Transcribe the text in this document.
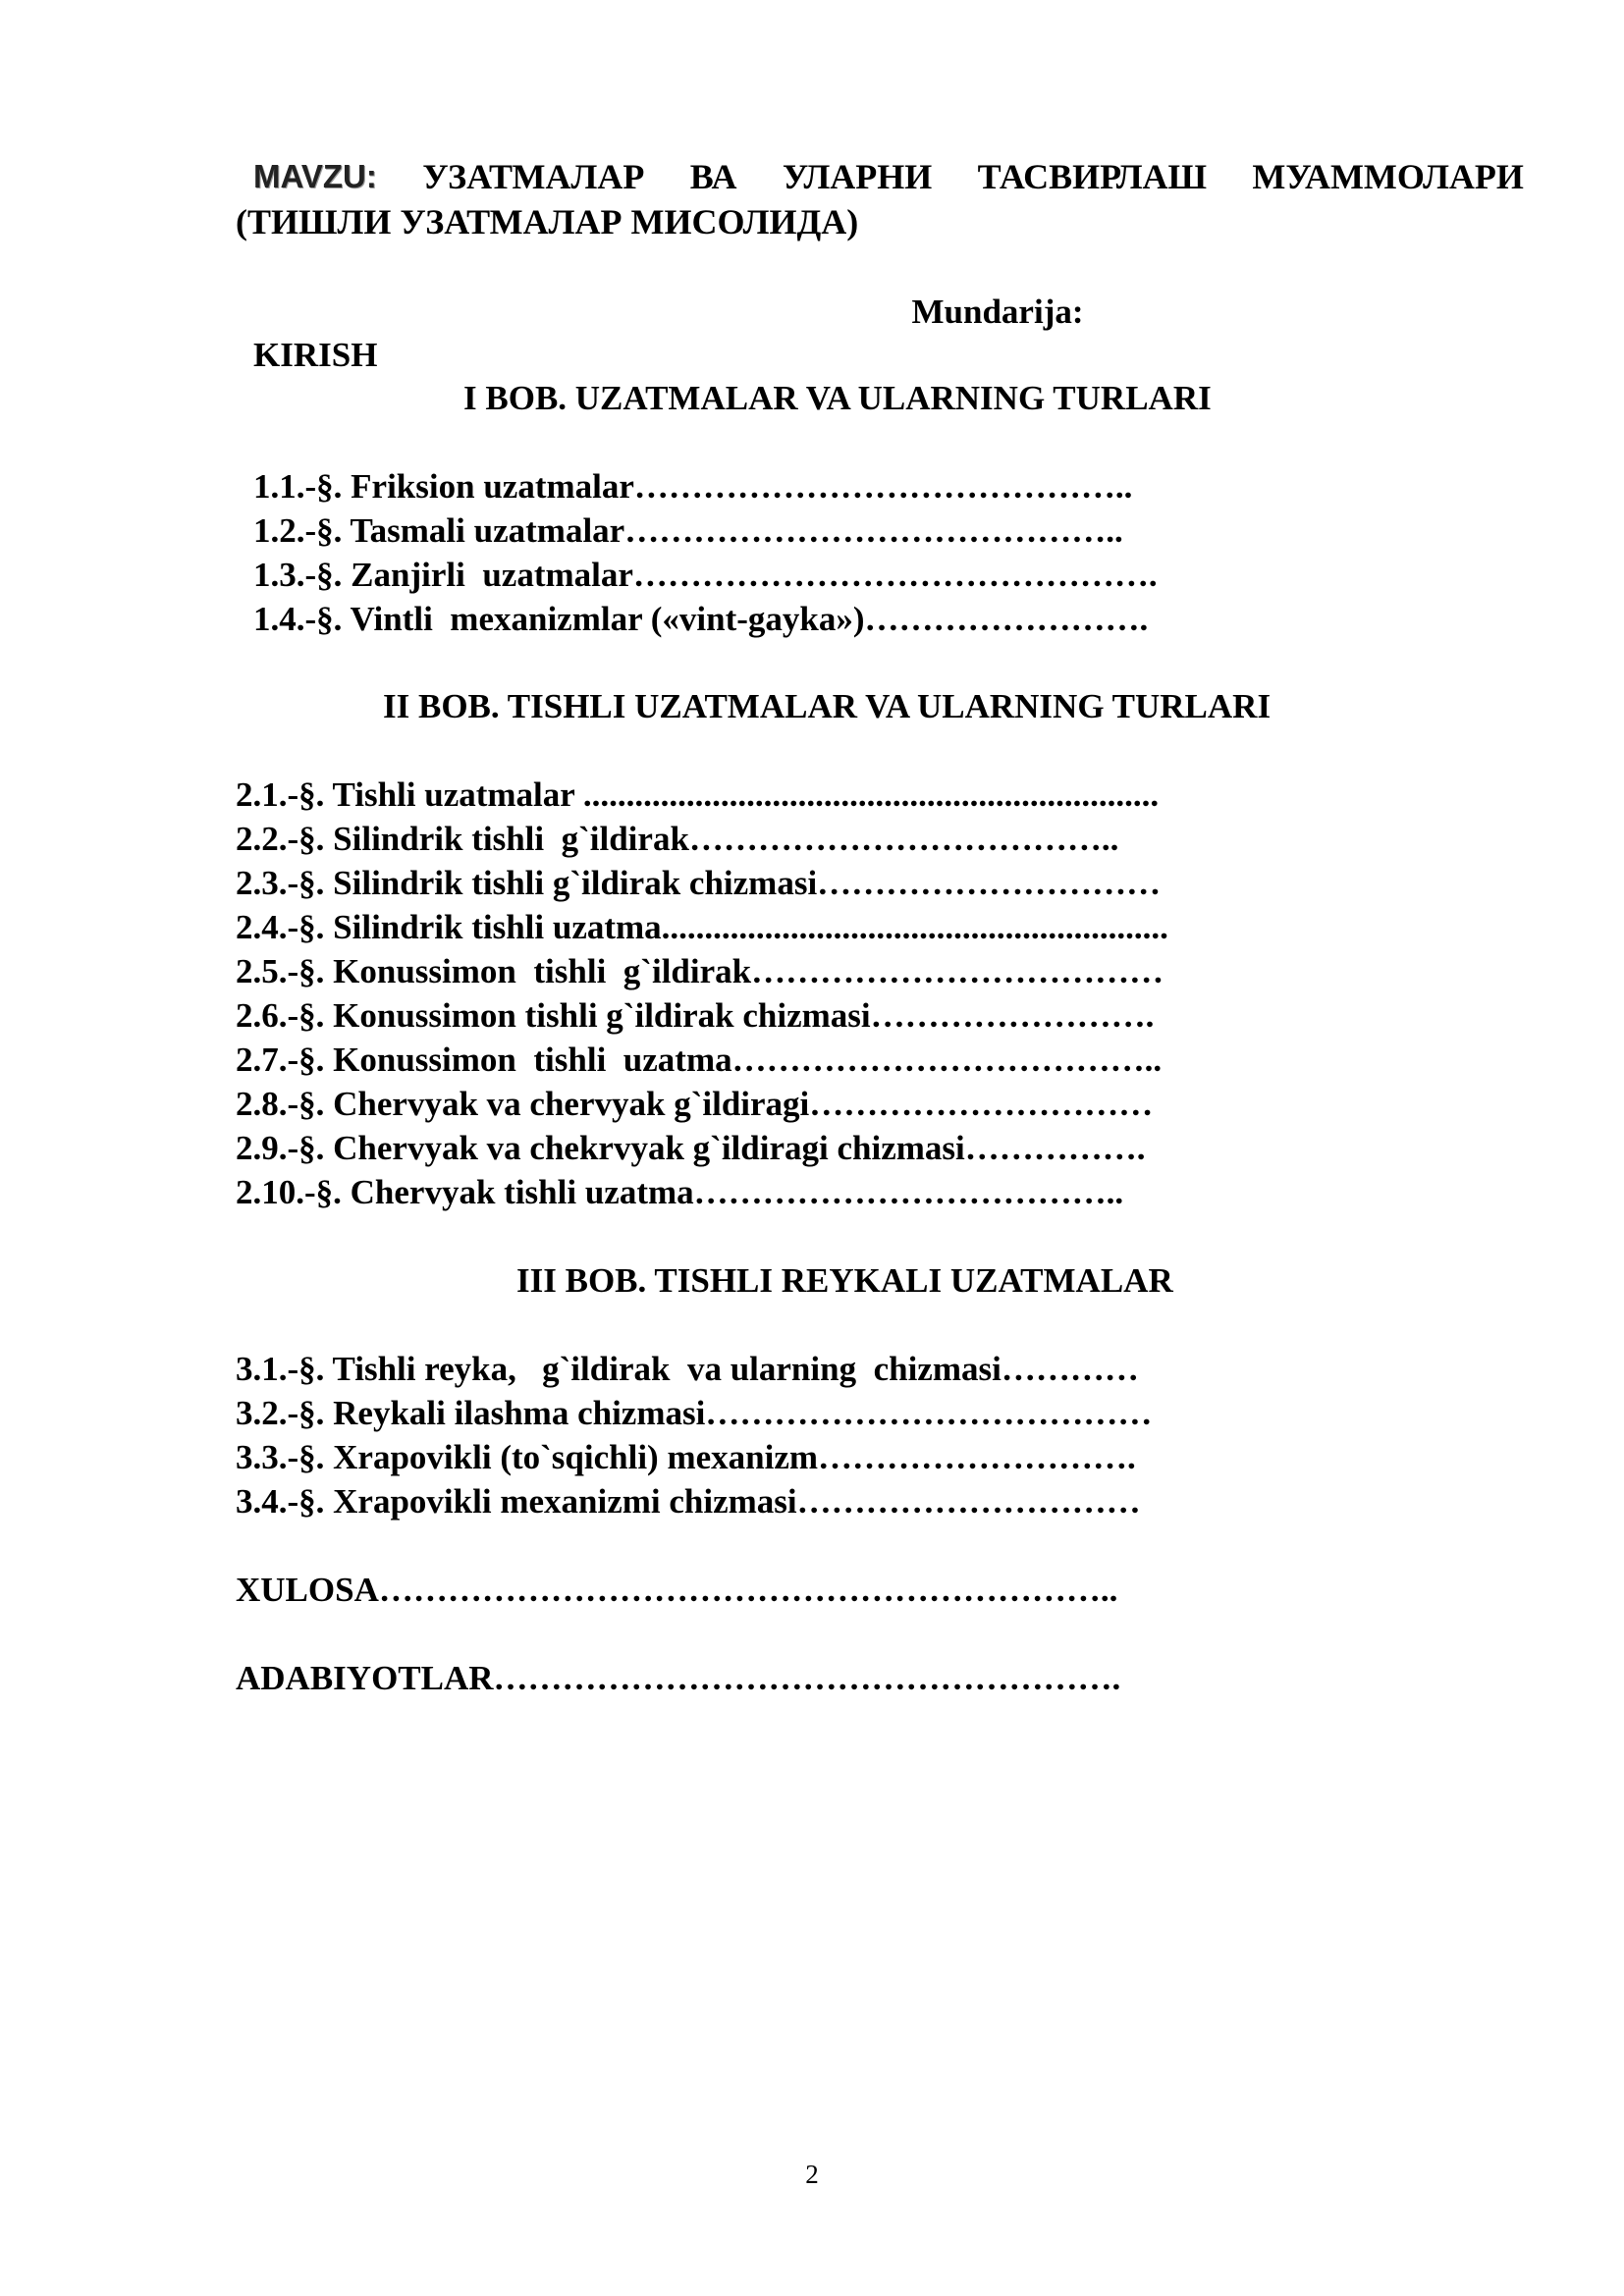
MAVZU: УЗАТМАЛАР ВА УЛАРНИ ТАСВИРЛАШ МУАММОЛАРИ
(ТИШЛИ УЗАТМАЛАР МИСОЛИДА)
Mundarija:
KIRISH
I BOB. UZATMALAR VA ULARNING TURLARI
1.1.-§. Friksion uzatmalar……………………………………..
1.2.-§. Tasmali uzatmalar……………………………………..
1.3.-§. Zanjirli  uzatmalar……………………………………….
1.4.-§. Vintli  mexanizmlar («vint-gayka»)…………………….
II BOB. TISHLI UZATMALAR VA ULARNING TURLARI
2.1.-§. Tishli uzatmalar ...................................................................
2.2.-§. Silindrik tishli  g`ildirak………………………………..
2.3.-§. Silindrik tishli g`ildirak chizmasi…………………………
2.4.-§. Silindrik tishli uzatma...........................................................
2.5.-§. Konussimon  tishli  g`ildirak………………………………
2.6.-§. Konussimon tishli g`ildirak chizmasi…………………….
2.7.-§. Konussimon  tishli  uzatma………………………………..
2.8.-§. Chervyak va chervyak g`ildiragi…………………………
2.9.-§. Chervyak va chekrvyak g`ildiragi chizmasi…………….
2.10.-§. Chervyak tishli uzatma………………………………..
III BOB. TISHLI REYKALI UZATMALAR
3.1.-§. Tishli reyka,   g`ildirak  va ularning  chizmasi…………
3.2.-§. Reykali ilashma chizmasi…………………………………
3.3.-§. Xrapovikli (to`sqichli) mexanizm……………………….
3.4.-§. Xrapovikli mexanizmi chizmasi…………………………
XULOSA………………………………………………………..
ADABIYOTLAR……………………………………………….
2
